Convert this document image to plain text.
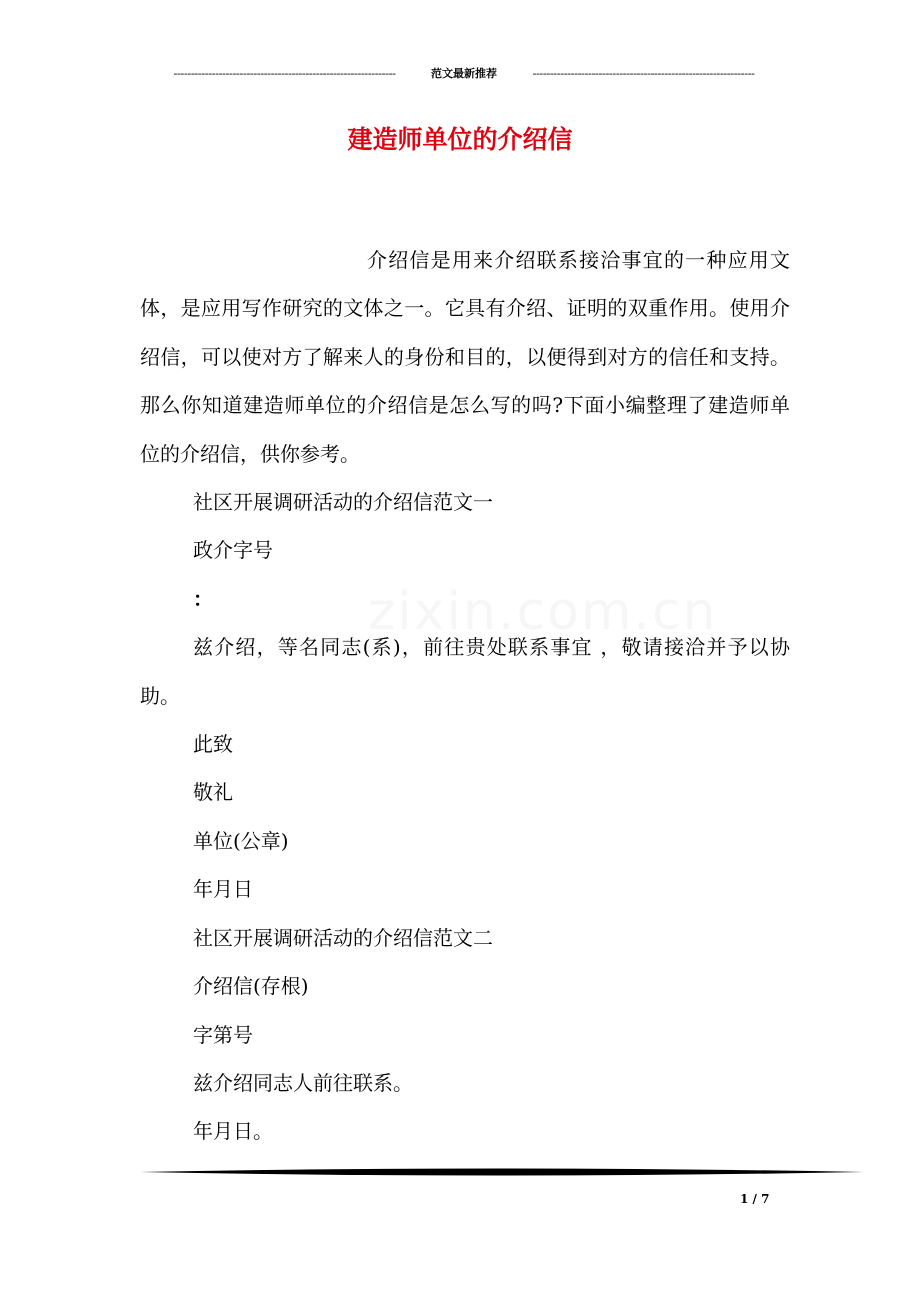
----------------------------------------------------------------	范文最新推荐	----------------------------------------------------------------
建造师单位的介绍信
zixin.com.cn

介绍信是用来介绍联系接洽事宜的一种应用文体，是应用写作研究的文体之一。它具有介绍、证明的双重作用。使用介绍信，可以使对方了解来人的身份和目的，以便得到对方的信任和支持。那么你知道建造师单位的介绍信是怎么写的吗?下面小编整理了建造师单位的介绍信，供你参考。

社区开展调研活动的介绍信范文一

政介字号

：

兹介绍，等名同志(系)，前往贵处联系事宜 ，敬请接洽并予以协助。

此致

敬礼

单位(公章)

年月日

社区开展调研活动的介绍信范文二

介绍信(存根)

字第号

兹介绍同志人前往联系。

年月日。

1 / 7
